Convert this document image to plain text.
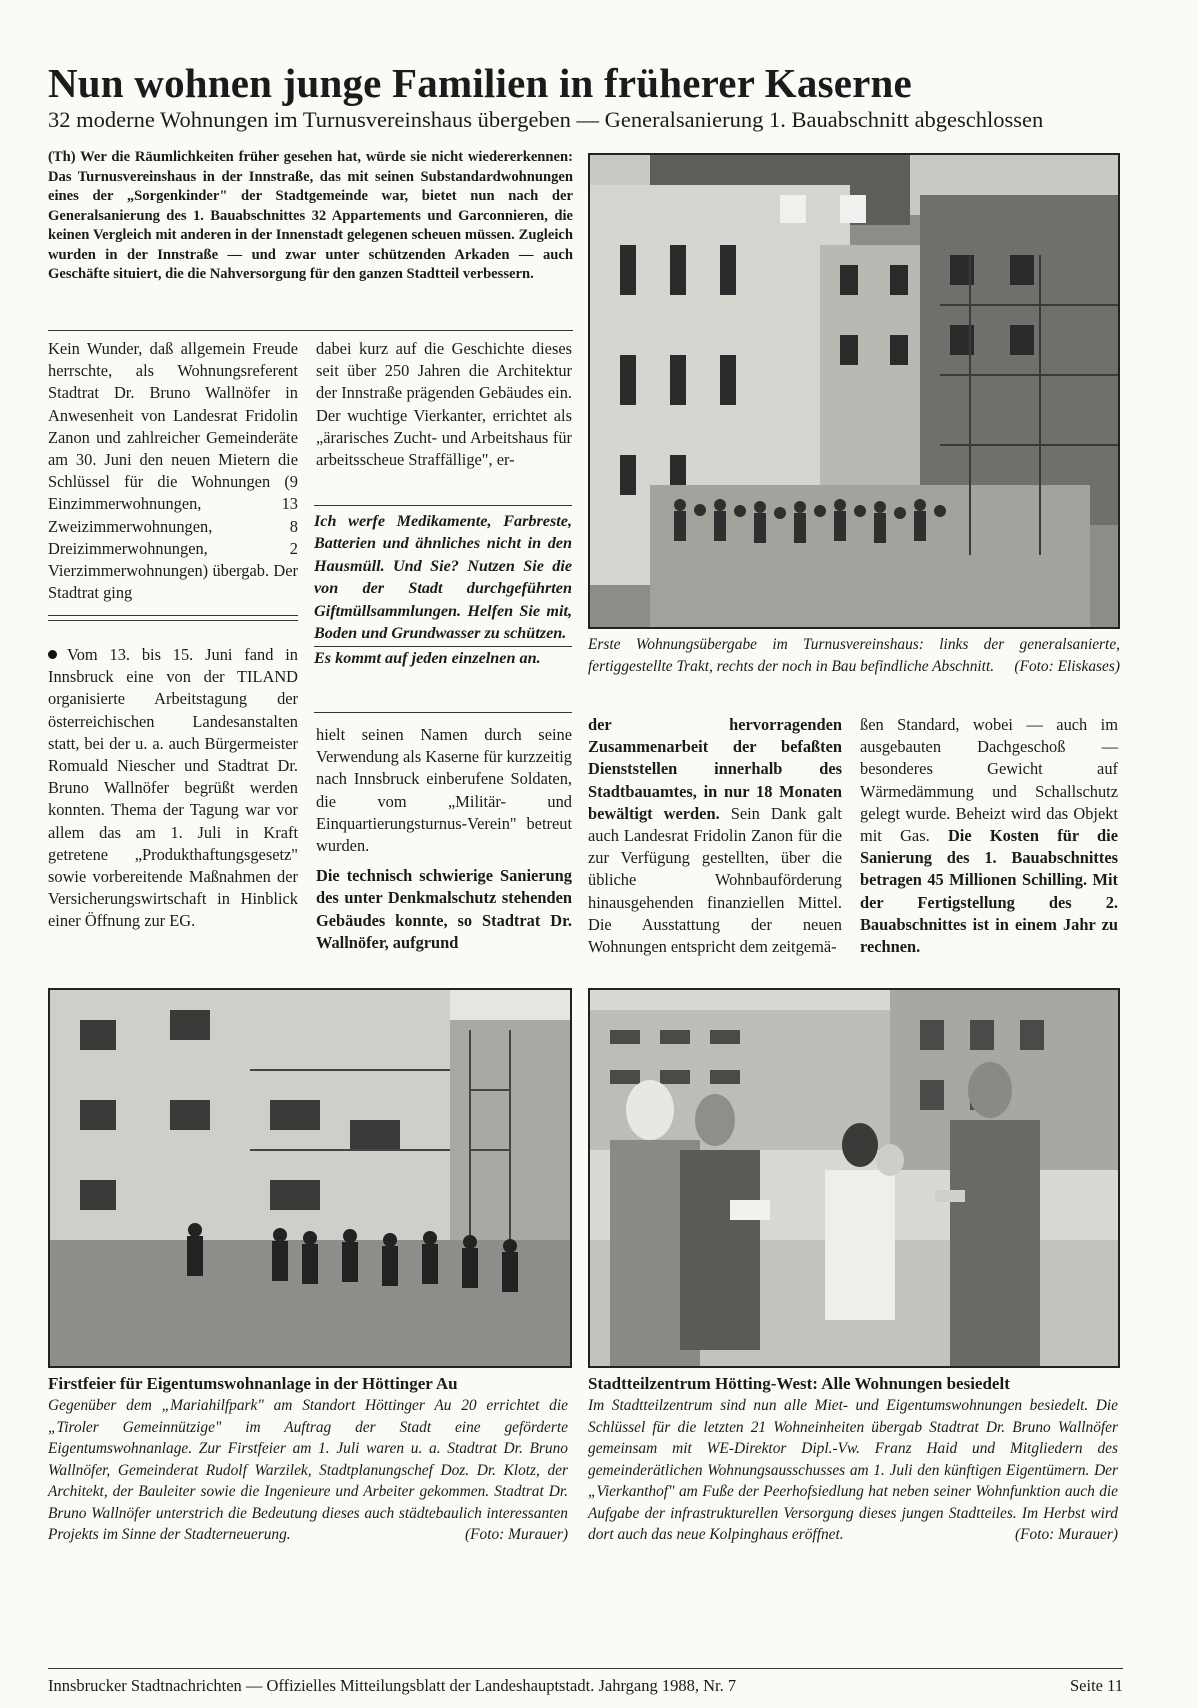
Nun wohnen junge Familien in früherer Kaserne
32 moderne Wohnungen im Turnusvereinshaus übergeben — Generalsanierung 1. Bauabschnitt abgeschlossen
(Th) Wer die Räumlichkeiten früher gesehen hat, würde sie nicht wiedererkennen: Das Turnusvereinshaus in der Innstraße, das mit seinen Substandardwohnungen eines der „Sorgenkinder" der Stadtgemeinde war, bietet nun nach der Generalsanierung des 1. Bauabschnittes 32 Appartements und Garconnieren, die keinen Vergleich mit anderen in der Innenstadt gelegenen scheuen müssen. Zugleich wurden in der Innstraße — und zwar unter schützenden Arkaden — auch Geschäfte situiert, die die Nahversorgung für den ganzen Stadtteil verbessern.
Kein Wunder, daß allgemein Freude herrschte, als Wohnungsreferent Stadtrat Dr. Bruno Wallnöfer in Anwesenheit von Landesrat Fridolin Zanon und zahlreicher Gemeinderäte am 30. Juni den neuen Mietern die Schlüssel für die Wohnungen (9 Einzimmerwohnungen, 13 Zweizimmerwohnungen, 8 Dreizimmerwohnungen, 2 Vierzimmerwohnungen) übergab. Der Stadtrat ging
Vom 13. bis 15. Juni fand in Innsbruck eine von der TILAND organisierte Arbeitstagung der österreichischen Landesanstalten statt, bei der u. a. auch Bürgermeister Romuald Niescher und Stadtrat Dr. Bruno Wallnöfer begrüßt werden konnten. Thema der Tagung war vor allem das am 1. Juli in Kraft getretene „Produkthaftungsgesetz" sowie vorbereitende Maßnahmen der Versicherungswirtschaft in Hinblick einer Öffnung zur EG.
dabei kurz auf die Geschichte dieses seit über 250 Jahren die Architektur der Innstraße prägenden Gebäudes ein. Der wuchtige Vierkanter, errichtet als „ärarisches Zucht- und Arbeitshaus für arbeitsscheue Straffällige", er-
Ich werfe Medikamente, Farbreste, Batterien und ähnliches nicht in den Hausmüll. Und Sie? Nutzen Sie die von der Stadt durchgeführten Giftmüllsammlungen. Helfen Sie mit, Boden und Grundwasser zu schützen.
Es kommt auf jeden einzelnen an.

hielt seinen Namen durch seine Verwendung als Kaserne für kurzzeitig nach Innsbruck einberufene Soldaten, die vom „Militär- und Einquartierungsturnus-Verein" betreut wurden.

Die technisch schwierige Sanierung des unter Denkmalschutz stehenden Gebäudes konnte, so Stadtrat Dr. Wallnöfer, aufgrund

Erste Wohnungsübergabe im Turnusvereinshaus: links der generalsanierte, fertiggestellte Trakt, rechts der noch in Bau befindliche Abschnitt. (Foto: Eliskases)
der hervorragenden Zusammenarbeit der befaßten Dienststellen innerhalb des Stadtbauamtes, in nur 18 Monaten bewältigt werden. Sein Dank galt auch Landesrat Fridolin Zanon für die zur Verfügung gestellten, über die übliche Wohnbauförderung hinausgehenden finanziellen Mittel. Die Ausstattung der neuen Wohnungen entspricht dem zeitgemä-
ßen Standard, wobei — auch im ausgebauten Dachgeschoß — besonderes Gewicht auf Wärmedämmung und Schallschutz gelegt wurde. Beheizt wird das Objekt mit Gas. Die Kosten für die Sanierung des 1. Bauabschnittes betragen 45 Millionen Schilling. Mit der Fertigstellung des 2. Bauabschnittes ist in einem Jahr zu rechnen.
Firstfeier für Eigentumswohnanlage in der Höttinger Au
Gegenüber dem „Mariahilfpark" am Standort Höttinger Au 20 errichtet die „Tiroler Gemeinnützige" im Auftrag der Stadt eine geförderte Eigentumswohnanlage. Zur Firstfeier am 1. Juli waren u. a. Stadtrat Dr. Bruno Wallnöfer, Gemeinderat Rudolf Warzilek, Stadtplanungschef Doz. Dr. Klotz, der Architekt, der Bauleiter sowie die Ingenieure und Arbeiter gekommen. Stadtrat Dr. Bruno Wallnöfer unterstrich die Bedeutung dieses auch städtebaulich interessanten Projekts im Sinne der Stadterneuerung.	(Foto: Murauer)
Stadtteilzentrum Hötting-West: Alle Wohnungen besiedelt
Im Stadtteilzentrum sind nun alle Miet- und Eigentumswohnungen besiedelt. Die Schlüssel für die letzten 21 Wohneinheiten übergab Stadtrat Dr. Bruno Wallnöfer gemeinsam mit WE-Direktor Dipl.-Vw. Franz Haid und Mitgliedern des gemeinderätlichen Wohnungsausschusses am 1. Juli den künftigen Eigentümern. Der „Vierkanthof" am Fuße der Peerhofsiedlung hat neben seiner Wohnfunktion auch die Aufgabe der infrastrukturellen Versorgung dieses jungen Stadtteiles. Im Herbst wird dort auch das neue Kolpinghaus eröffnet.	(Foto: Murauer)
Innsbrucker Stadtnachrichten — Offizielles Mitteilungsblatt der Landeshauptstadt. Jahrgang 1988, Nr. 7	Seite 11
